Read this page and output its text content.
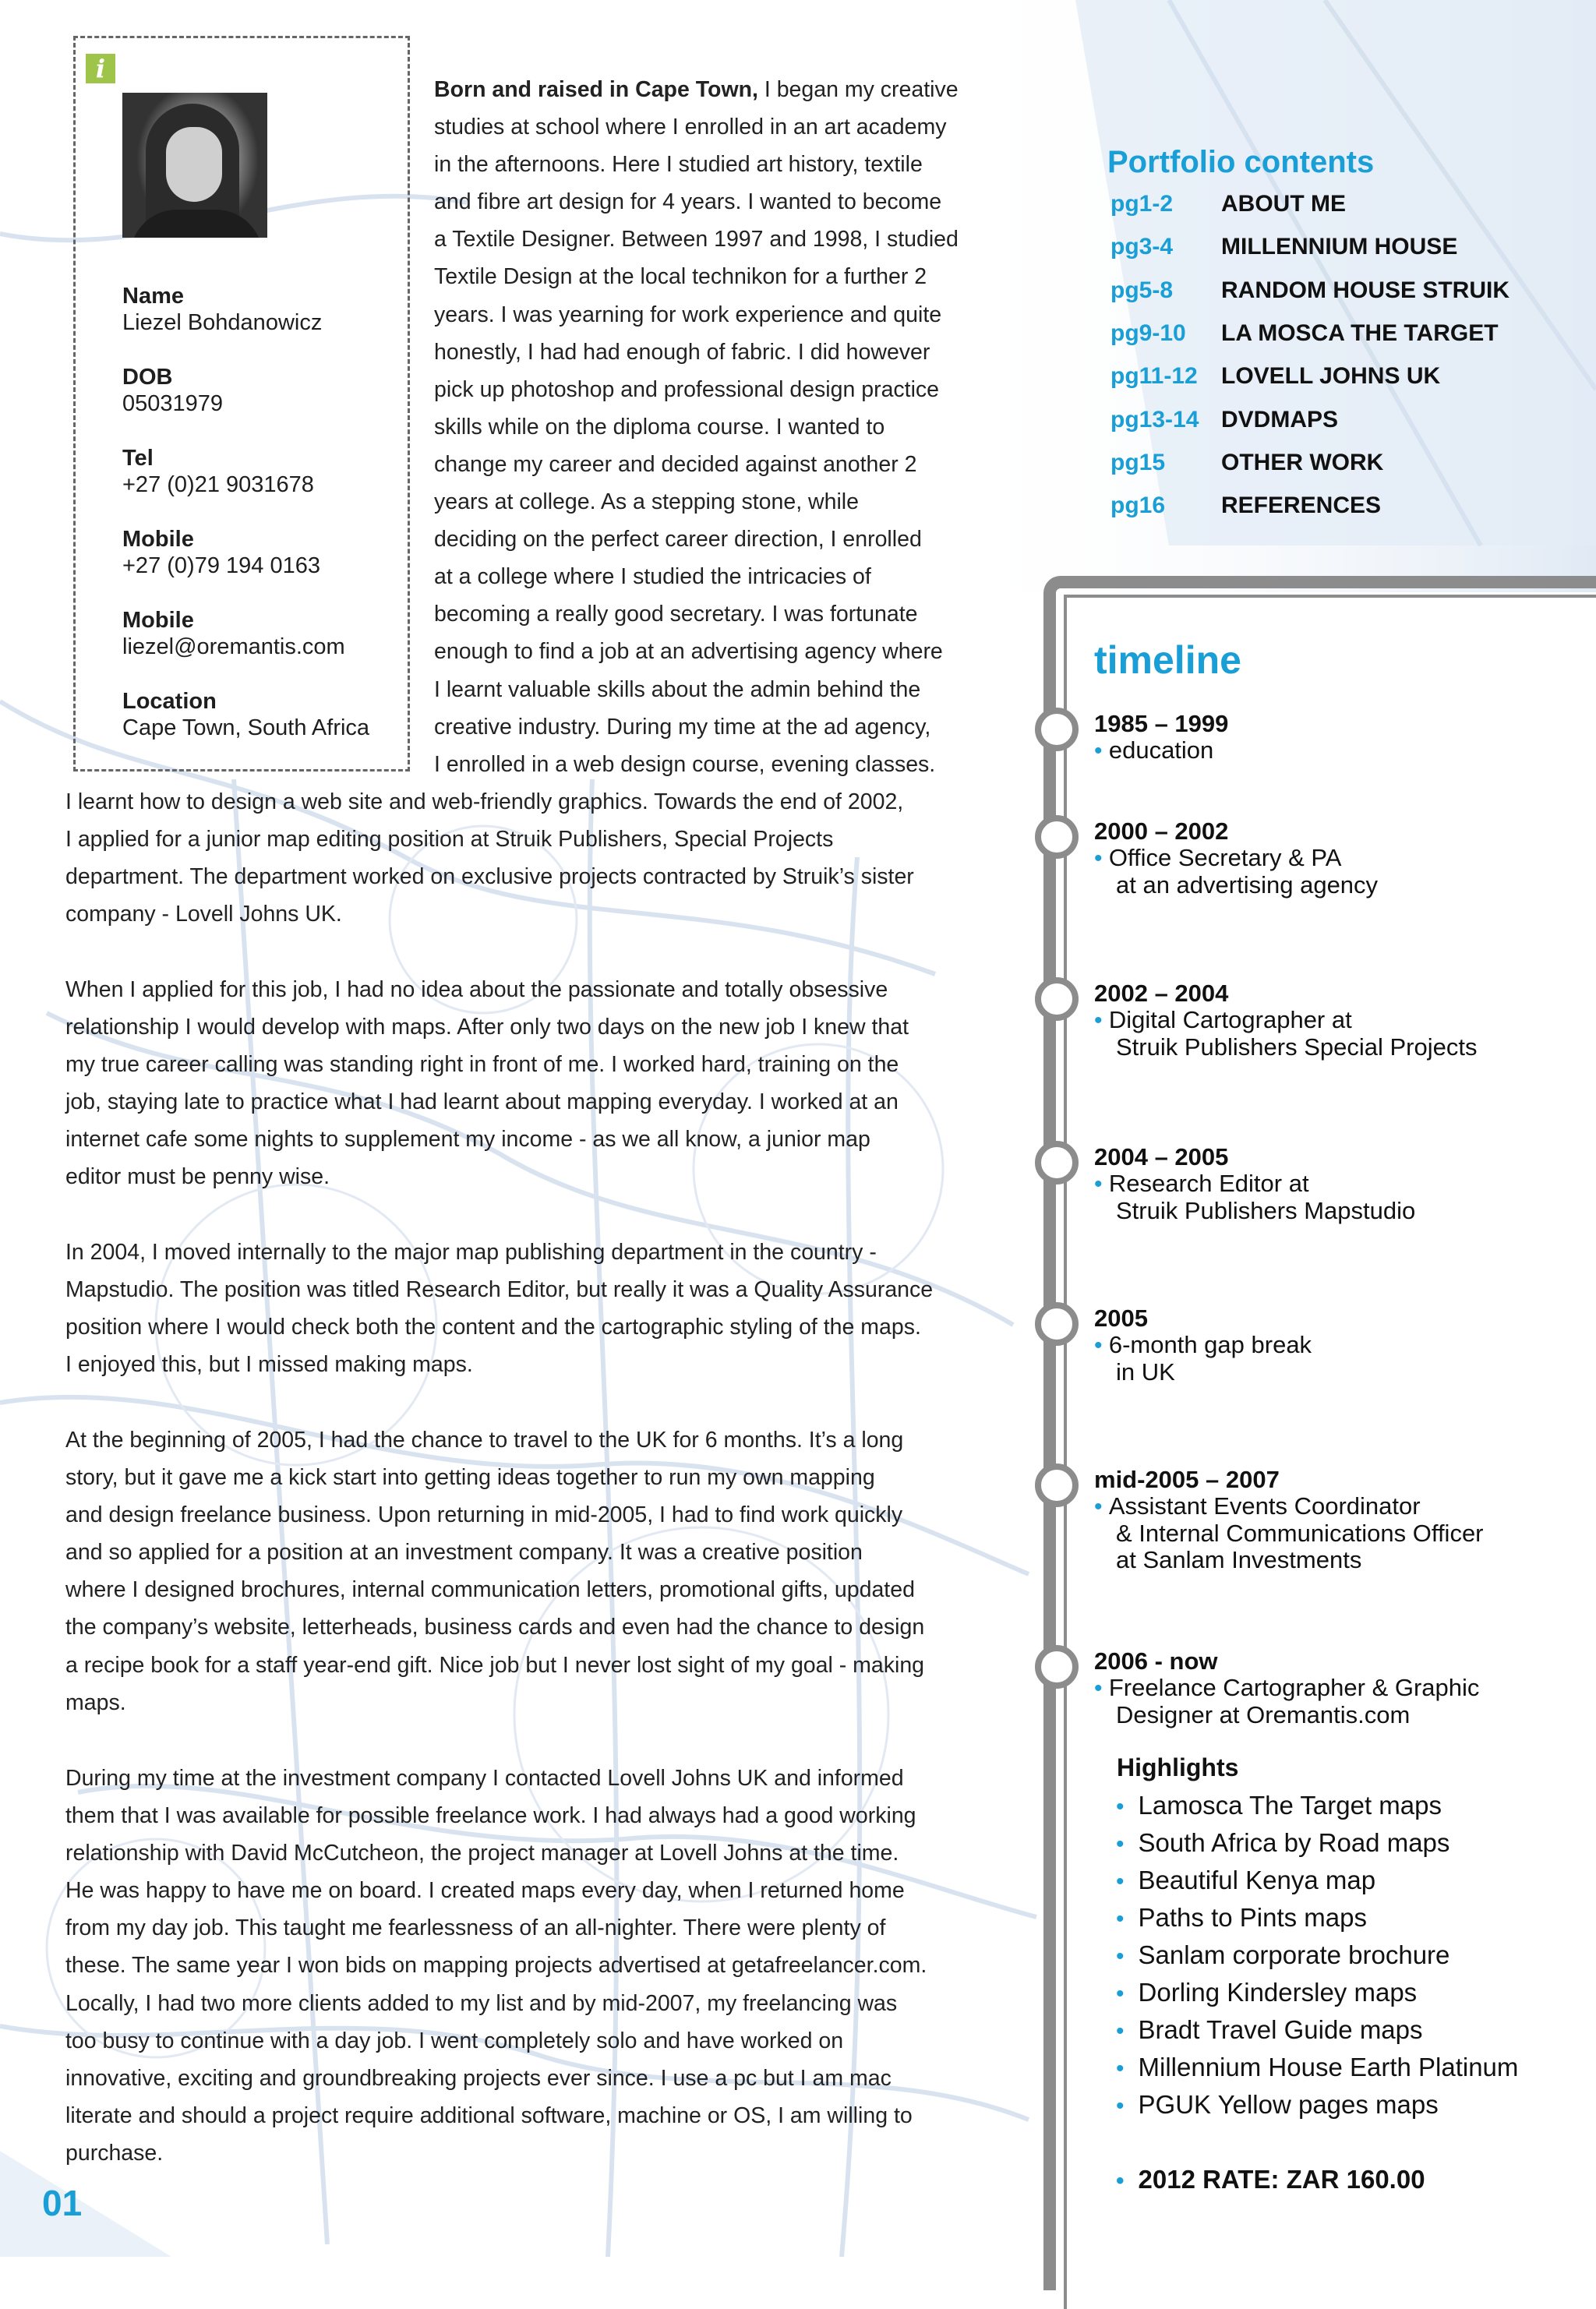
i
Name
Liezel Bohdanowicz
DOB
05031979
Tel
+27 (0)21 9031678
Mobile
+27 (0)79 194 0163
Mobile
liezel@oremantis.com
Location
Cape Town, South Africa
Born and raised in Cape Town, I began my creative
studies at school where I enrolled in an art academy
in the afternoons. Here I studied art history, textile
and fibre art design for 4 years. I wanted to become
a Textile Designer. Between 1997 and 1998, I studied
Textile Design at the local technikon for a further 2
years. I was yearning for work experience and quite
honestly, I had had enough of fabric. I did however
pick up photoshop and professional design practice
skills while on the diploma course. I wanted to
change my career and decided against another 2
years at college. As a stepping stone, while
deciding on the perfect career direction, I enrolled
at a college where I studied the intricacies of
becoming a really good secretary. I was fortunate
enough to find a job at an advertising agency where
I learnt valuable skills about the admin behind the
creative industry. During my time at the ad agency,
I enrolled in a web design course, evening classes.
I learnt how to design a web site and web-friendly graphics. Towards the end of 2002,
I applied for a junior map editing position at Struik Publishers, Special Projects
department. The department worked on exclusive projects contracted by Struik’s sister
company - Lovell Johns UK.
When I applied for this job, I had no idea about the passionate and totally obsessive
relationship I would develop with maps. After only two days on the new job I knew that
my true career calling was standing right in front of me. I worked hard, training on the
job, staying late to practice what I had learnt about mapping everyday. I worked at an
internet cafe some nights to supplement my income - as we all know, a junior map
editor must be penny wise.
In 2004, I moved internally to the major map publishing department in the country -
Mapstudio. The position was titled Research Editor, but really it was a Quality Assurance
position where I would check both the content and the cartographic styling of the maps.
I enjoyed this, but I missed making maps.
At the beginning of 2005, I had the chance to travel to the UK for 6 months. It’s a long
story, but it gave me a kick start into getting ideas together to run my own mapping
and design freelance business. Upon returning in mid-2005, I had to find work quickly
and so applied for a position at an investment company. It was a creative position
where I designed brochures, internal communication letters, promotional gifts, updated
the company’s website, letterheads, business cards and even had the chance to design
a recipe book for a staff year-end gift. Nice job but I never lost sight of my goal - making
maps.
During my time at the investment company I contacted Lovell Johns UK and informed
them that I was available for possible freelance work. I had always had a good working
relationship with David McCutcheon, the project manager at Lovell Johns at the time.
He was happy to have me on board. I created maps every day, when I returned home
from my day job. This taught me fearlessness of an all-nighter. There were plenty of
these. The same year I won bids on mapping projects advertised at getafreelancer.com.
Locally, I had two more clients added to my list and by mid-2007, my freelancing was
too busy to continue with a day job. I went completely solo and have worked on
innovative, exciting and groundbreaking projects ever since. I use a pc but I am mac
literate and should a project require additional software, machine or OS, I am willing to
purchase.
Portfolio contents
pg1-2 ABOUT ME
pg3-4 MILLENNIUM HOUSE
pg5-8 RANDOM HOUSE STRUIK
pg9-10 LA MOSCA THE TARGET
pg11-12 LOVELL JOHNS UK
pg13-14 DVDMAPS
pg15 OTHER WORK
pg16 REFERENCES
timeline
1985 – 1999
• education
2000 – 2002
• Office Secretary & PA
at an advertising agency
2002 – 2004
• Digital Cartographer at
Struik Publishers Special Projects
2004 – 2005
• Research Editor at
Struik Publishers Mapstudio
2005
• 6-month gap break
in UK
mid-2005 – 2007
• Assistant Events Coordinator
& Internal Communications Officer
at Sanlam Investments
2006 - now
• Freelance Cartographer & Graphic
Designer at Oremantis.com
Highlights
• Lamosca The Target maps
• South Africa by Road maps
• Beautiful Kenya map
• Paths to Pints maps
• Sanlam corporate brochure
• Dorling Kindersley maps
• Bradt Travel Guide maps
• Millennium House Earth Platinum
• PGUK Yellow pages maps
• 2012 RATE: ZAR 160.00
01
